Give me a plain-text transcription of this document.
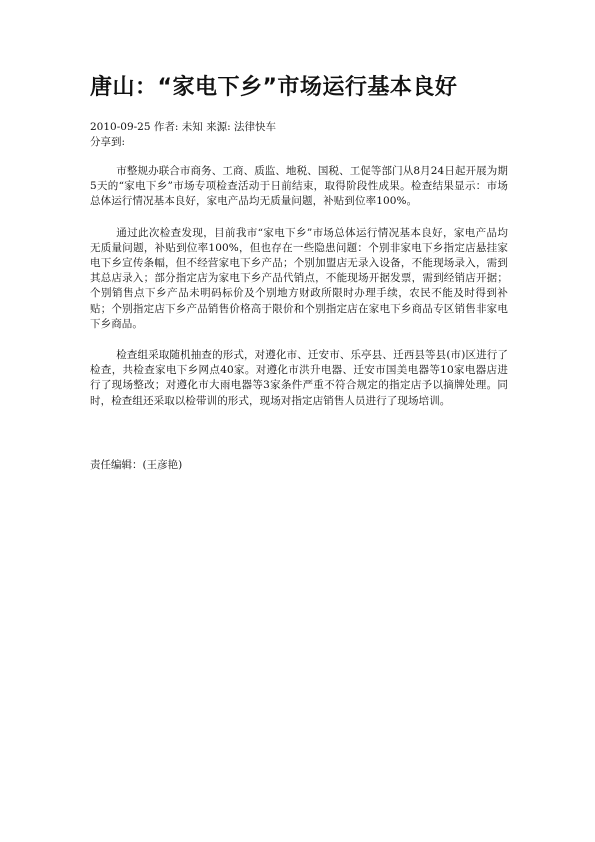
唐山：“家电下乡”市场运行基本良好
2010-09-25 作者: 未知 来源: 法律快车
分享到:

市整规办联合市商务、工商、质监、地税、国税、工促等部门从8月24日起开展为期5天的“家电下乡”市场专项检查活动于日前结束，取得阶段性成果。检查结果显示：市场总体运行情况基本良好，家电产品均无质量问题，补贴到位率100%。

通过此次检查发现，目前我市“家电下乡”市场总体运行情况基本良好，家电产品均无质量问题，补贴到位率100%，但也存在一些隐患问题：个别非家电下乡指定店悬挂家电下乡宣传条幅，但不经营家电下乡产品；个别加盟店无录入设备，不能现场录入，需到其总店录入；部分指定店为家电下乡产品代销点，不能现场开据发票，需到经销店开据；个别销售点下乡产品未明码标价及个别地方财政所限时办理手续，农民不能及时得到补贴；个别指定店下乡产品销售价格高于限价和个别指定店在家电下乡商品专区销售非家电下乡商品。

检查组采取随机抽查的形式，对遵化市、迁安市、乐亭县、迁西县等县(市)区进行了检查，共检查家电下乡网点40家。对遵化市洪升电器、迁安市国美电器等10家电器店进行了现场整改；对遵化市大雨电器等3家条件严重不符合规定的指定店予以摘牌处理。同时，检查组还采取以检带训的形式，现场对指定店销售人员进行了现场培训。

责任编辑：(王彦艳)
